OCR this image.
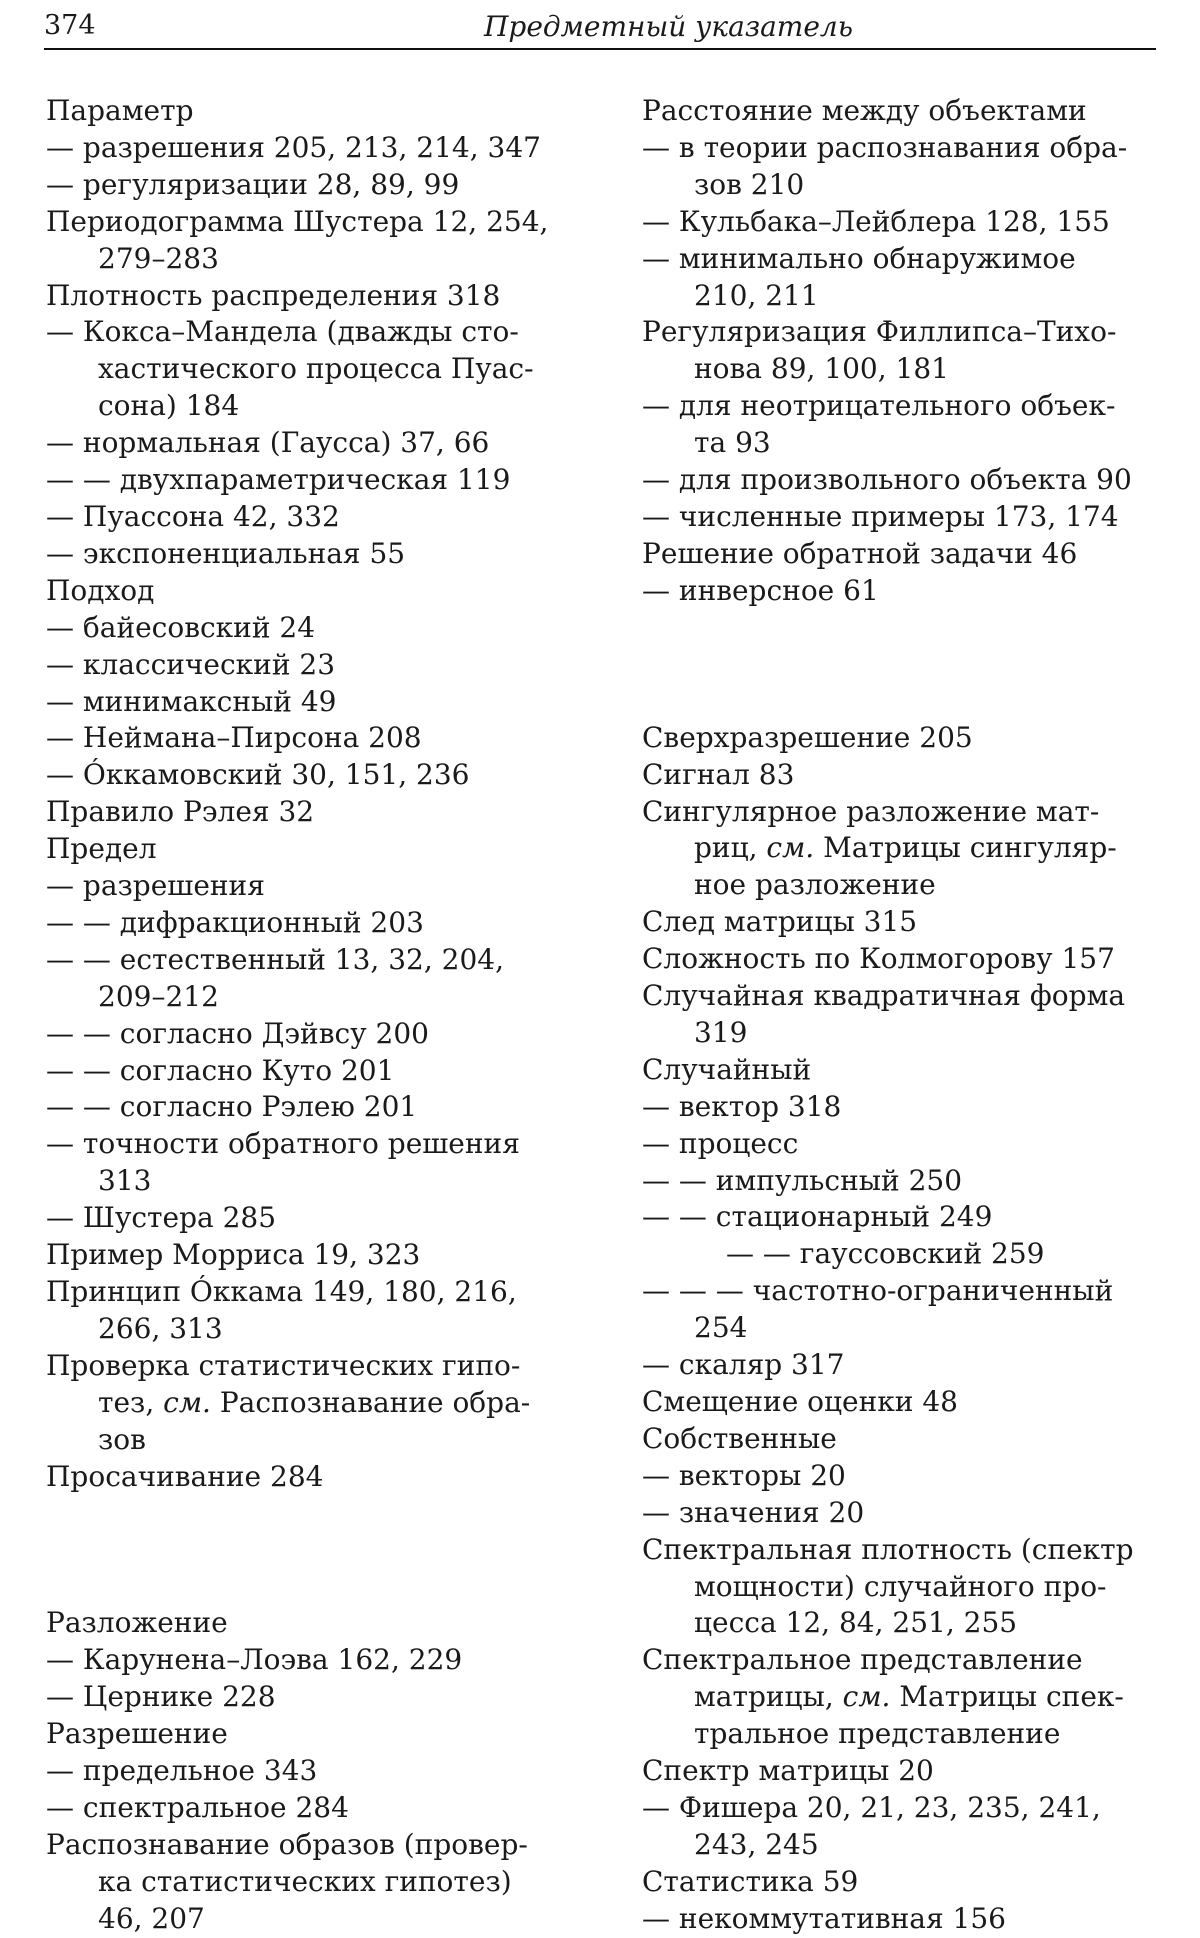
374	Предметный указатель
Параметр
— разрешения 205, 213, 214, 347
— регуляризации 28, 89, 99
Периодограмма Шустера 12, 254,
279–283
Плотность распределения 318
— Кокса–Мандела (дважды сто-
хастического процесса Пуас-
сона) 184
— нормальная (Гаусса) 37, 66
— — двухпараметрическая 119
— Пуассона 42, 332
— экспоненциальная 55
Подход
— байесовский 24
— классический 23
— минимаксный 49
— Неймана–Пирсона 208
— Óккамовский 30, 151, 236
Правило Рэлея 32
Предел
— разрешения
— — дифракционный 203
— — естественный 13, 32, 204,
209–212
— — согласно Дэйвсу 200
— — согласно Куто 201
— — согласно Рэлею 201
— точности обратного решения
313
— Шустера 285
Пример Морриса 19, 323
Принцип Óккама 149, 180, 216,
266, 313
Проверка статистических гипо-
тез, см. Распознавание обра-
зов
Просачивание 284
Разложение
— Карунена–Лоэва 162, 229
— Цернике 228
Разрешение
— предельное 343
— спектральное 284
Распознавание образов (провер-
ка статистических гипотез)
46, 207
Расстояние между объектами
— в теории распознавания обра-
зов 210
— Кульбака–Лейблера 128, 155
— минимально обнаружимое
210, 211
Регуляризация Филлипса–Тихо-
нова 89, 100, 181
— для неотрицательного объек-
та 93
— для произвольного объекта 90
— численные примеры 173, 174
Решение обратной задачи 46
— инверсное 61
Сверхразрешение 205
Сигнал 83
Сингулярное разложение мат-
риц, см. Матрицы сингуляр-
ное разложение
След матрицы 315
Сложность по Колмогорову 157
Случайная квадратичная форма
319
Случайный
— вектор 318
— процесс
— — импульсный 250
— — стационарный 249
— — гауссовский 259
— — — частотно-ограниченный
254
— скаляр 317
Смещение оценки 48
Собственные
— векторы 20
— значения 20
Спектральная плотность (спектр
мощности) случайного про-
цесса 12, 84, 251, 255
Спектральное представление
матрицы, см. Матрицы спек-
тральное представление
Спектр матрицы 20
— Фишера 20, 21, 23, 235, 241,
243, 245
Статистика 59
— некоммутативная 156
